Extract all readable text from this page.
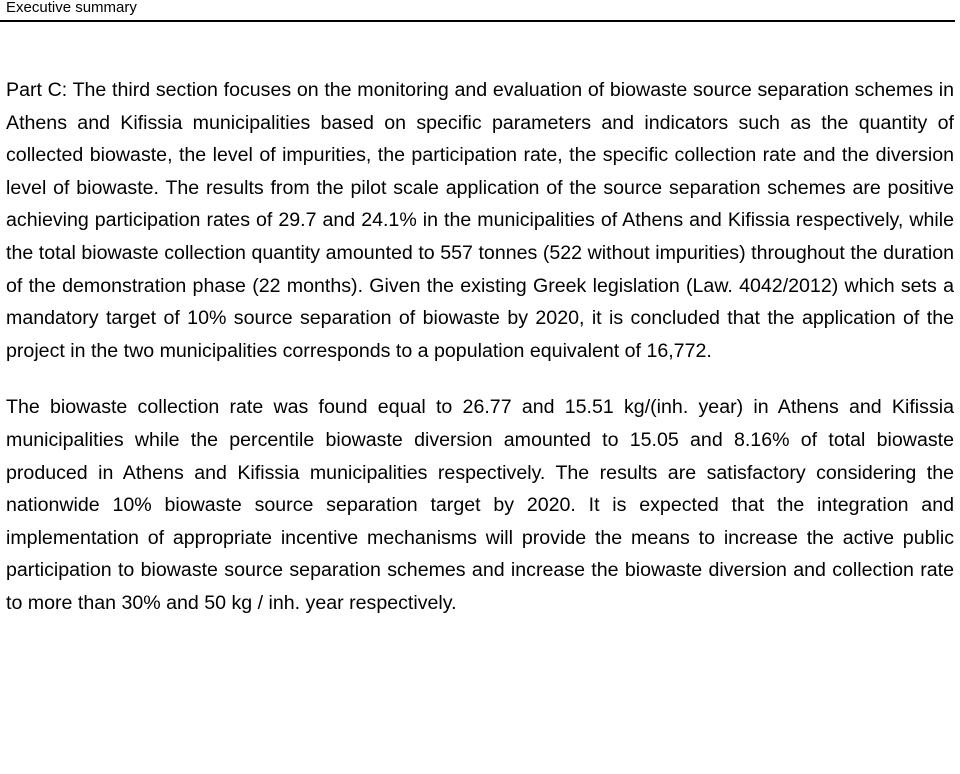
Executive summary

Part C: The third section focuses on the monitoring and evaluation of biowaste source separation schemes in Athens and Kifissia municipalities based on specific parameters and indicators such as the quantity of collected biowaste, the level of impurities, the participation rate, the specific collection rate and the diversion level of biowaste. The results from the pilot scale application of the source separation schemes are positive achieving participation rates of 29.7 and 24.1% in the municipalities of Athens and Kifissia respectively, while the total biowaste collection quantity amounted to 557 tonnes (522 without impurities) throughout the duration of the demonstration phase (22 months). Given the existing Greek legislation (Law. 4042/2012) which sets a mandatory target of 10% source separation of biowaste by 2020, it is concluded that the application of the project in the two municipalities corresponds to a population equivalent of 16,772.

The biowaste collection rate was found equal to 26.77 and 15.51 kg/(inh. year) in Athens and Kifissia municipalities while the percentile biowaste diversion amounted to 15.05 and 8.16% of total biowaste produced in Athens and Kifissia municipalities respectively. The results are satisfactory considering the nationwide 10% biowaste source separation target by 2020. It is expected that the integration and implementation of appropriate incentive mechanisms will provide the means to increase the active public participation to biowaste source separation schemes and increase the biowaste diversion and collection rate to more than 30% and 50 kg / inh. year respectively.
